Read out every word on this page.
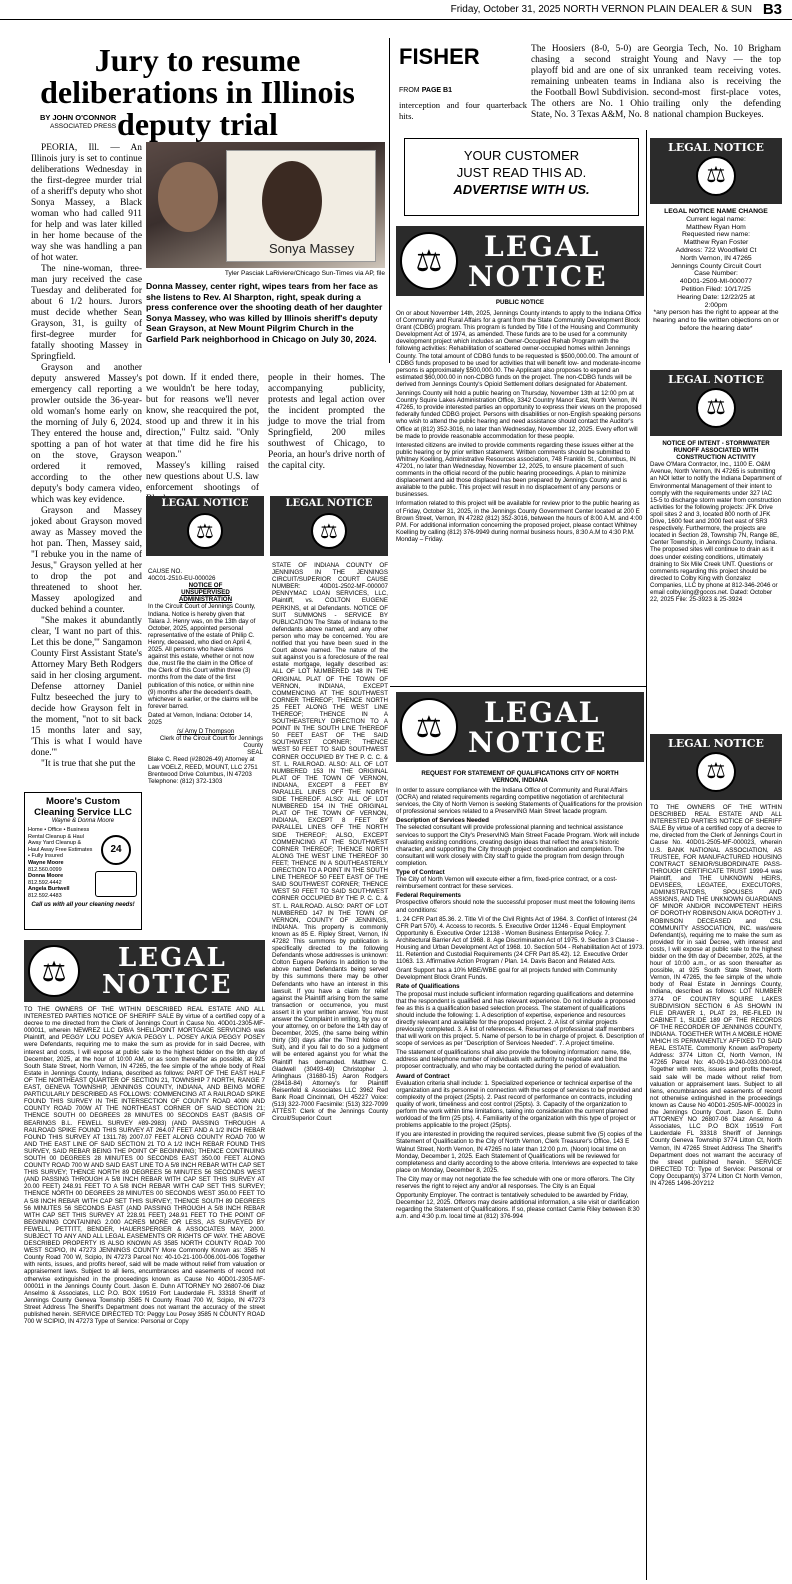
Friday, October 31, 2025 NORTH VERNON PLAIN DEALER & SUN B3
Jury to resume deliberations in Illinois deputy trial
BY JOHN O'CONNOR
ASSOCIATED PRESS

PEORIA, Ill. — An Illinois jury is set to continue deliberations Wednesday in the first-degree murder trial of a sheriff's deputy who shot Sonya Massey, a Black woman who had called 911 for help and was later killed in her home because of the way she was handling a pan of hot water.

The nine-woman, three-man jury received the case Tuesday and deliberated for about 6 1/2 hours. Jurors must decide whether Sean Grayson, 31, is guilty of first-degree murder for fatally shooting Massey in Springfield.

Grayson and another deputy answered Massey's emergency call reporting a prowler outside the 36-year-old woman's home early on the morning of July 6, 2024. They entered the house and, spotting a pan of hot water on the stove, Grayson ordered it removed, according to the other deputy's body camera video, which was key evidence.

Grayson and Massey joked about Grayson moved away as Massey moved the hot pan. Then, Massey said, "I rebuke you in the name of Jesus," Grayson yelled at her to drop the pot and threatened to shoot her. Massey apologized and ducked behind a counter.

"She makes it abundantly clear, 'I want no part of this. Let this be done,'" Sangamon County First Assistant State's Attorney Mary Beth Rodgers said in her closing argument. Defense attorney Daniel Fultz beseeched the jury to decide how Grayson felt in the moment, "not to sit back 15 months later and say, 'This is what I would have done.'"

"It is true that she put the

Sonya Massey
Tyler Pasciak LaRiviere/Chicago Sun-Times via AP, file
Donna Massey, center right, wipes tears from her face as she listens to Rev. Al Sharpton, right, speak during a press conference over the shooting death of her daughter Sonya Massey, who was killed by Illinois sheriff's deputy Sean Grayson, at New Mount Pilgrim Church in the Garfield Park neighborhood in Chicago on July 30, 2024.

pot down. If it ended there, we wouldn't be here today, but for reasons we'll never know, she reacquired the pot, stood up and threw it in his direction," Fultz said. "Only at that time did he fire his weapon."

Massey's killing raised new questions about U.S. law enforcement shootings of

people in their homes. The accompanying publicity, protests and legal action over the incident prompted the judge to move the trial from Springfield, 200 miles southwest of Chicago, to Peoria, an hour's drive north of the capital city.

FISHER
FROM PAGE B1
interception and four quarterback hits.
The Hoosiers (8-0, 5-0) are chasing a second straight playoff bid and are one of six remaining unbeaten teams in the Football Bowl Subdivision. The others are No. 1 Ohio State, No. 3 Texas A&M, No. 8
Georgia Tech, No. 10 Brigham Young and Navy — the top unranked team receiving votes. Indiana also is receiving the second-most first-place votes, trailing only the defending national champion Buckeyes.
YOUR CUSTOMER
JUST READ THIS AD.
ADVERTISE WITH US.
⚖	LEGAL
NOTICE
PUBLIC NOTICE

On or about November 14th, 2025, Jennings County intends to apply to the Indiana Office of Community and Rural Affairs for a grant from the State Community Development Block Grant (CDBG) program. This program is funded by Title I of the Housing and Community Development Act of 1974, as amended. These funds are to be used for a community development project which includes an Owner-Occupied Rehab Program with the following activities: Rehabilitation of scattered owner-occupied homes within Jennings County. The total amount of CDBG funds to be requested is $500,000.00. The amount of CDBG funds proposed to be used for activities that will benefit low- and moderate-income persons is approximately $500,000.00. The Applicant also proposes to expend an estimated $60,000.00 in non-CDBG funds on the project. The non-CDBG funds will be derived from Jennings County's Opioid Settlement dollars designated for Abatement.

Jennings County will hold a public hearing on Thursday, November 13th at 12:00 pm at Country Squire Lakes Administration Office, 3342 Country Manor East, North Vernon, IN 47265, to provide interested parties an opportunity to express their views on the proposed federally funded CDBG project. Persons with disabilities or non-English speaking persons who wish to attend the public hearing and need assistance should contact the Auditor's Office at (812) 352-3016, no later than Wednesday, November 12, 2025. Every effort will be made to provide reasonable accommodation for these people.

Interested citizens are invited to provide comments regarding these issues either at the public hearing or by prior written statement. Written comments should be submitted to Whitney Koelling, Administrative Resources association, 748 Franklin St., Columbus, IN 47201, no later than Wednesday, November 12, 2025, to ensure placement of such comments in the official record of the public hearing proceedings. A plan to minimize displacement and aid those displaced has been prepared by Jennings County and is available to the public. This project will result in no displacement of any persons or businesses.

Information related to this project will be available for review prior to the public hearing as of Friday, October 31, 2025, in the Jennings County Government Center located at 200 E Brown Street, Vernon, IN 47282 (812) 352-3016, between the hours of 8:00 A.M. and 4:00 P.M. For additional information concerning the proposed project, please contact Whitney Koelling by calling (812) 376-9949 during normal business hours, 8:30 A.M to 4:30 P.M. Monday – Friday.

LEGAL NOTICE
⚖
LEGAL NOTICE NAME CHANGE
Current legal name:
Matthew Ryan Hom
Requested new name:
Matthew Ryan Foster
Address: 722 Woodfield Ct
North Vernon, IN 47265
Jennings County Circuit Court
Case Number:
40D01-2509-MI-000077
Petition Filed: 10/17/25
Hearing Date: 12/22/25 at
2:00pm
*any person has the right to appear at the hearing and to file written objections on or before the hearing date*
LEGAL NOTICE
⚖
NOTICE OF INTENT - STORMWATER RUNOFF ASSOCIATED WITH CONSTRUCTION ACTIVITY
Dave O'Mara Contractor, Inc., 1100 E. O&M Avenue, North Vernon, IN 47265 is submitting an NOI letter to notify the Indiana Department of Environmental Management of their intent to comply with the requirements under 327 IAC 15-5 to discharge storm water from construction activities for the following projects: JFK Drive spoil sites 2 and 3, located 800 north of JFK Drive, 1600 feet and 2000 feet east of SR3 respectively. Furthermore, the projects are located in Section 28, Township 7N, Range 8E, Center Township, in Jennings County, Indiana. The proposed sites will continue to drain as it does under existing conditions, ultimately draining to Six Mile Creek UNT. Questions or comments regarding this project should be directed to Colby King with Gonzalez Companies, LLC by phone at 812-346-2046 or email colby.king@gocos.net. Dated: October 22, 2025 File: 25-3923 & 25-3924
LEGAL NOTICE
⚖
CAUSE NO.
40C01-2510-EU-000026
NOTICE OF
UNSUPERVISED
ADMINISTRATION

In the Circuit Court of Jennings County, Indiana. Notice is hereby given that Talara J. Henry was, on the 13th day of October, 2025, appointed personal representative of the estate of Philip C. Henry, deceased, who died on April 4, 2025. All persons who have claims against this estate, whether or not now due, must file the claim in the Office of the Clerk of this Court within three (3) months from the date of the first publication of this notice, or within nine (9) months after the decedent's death, whichever is earlier, or the claims will be forever barred.

Dated at Vernon, Indiana: October 14, 2025

/s/ Amy D Thompson
Clerk of the Circuit Court for Jennings County
SEAL

Blake C. Reed (#28026-49) Attorney at Law VOELZ, REED, MOUNT, LLC 2751 Brentwood Drive Columbus, IN 47203 Telephone: (812) 372-1303

LEGAL NOTICE
⚖
STATE OF INDIANA COUNTY OF JENNINGS IN THE JENNINGS CIRCUIT/SUPERIOR COURT CAUSE NUMBER: 40D01-2502-MF-000007 PENNYMAC LOAN SERVICES, LLC, Plaintiff, vs. COLTON EUGENE PERKINS, et al Defendants. NOTICE OF SUIT SUMMONS - SERVICE BY PUBLICATION The State of Indiana to the defendants above named, and any other person who may be concerned. You are notified that you have been sued in the Court above named. The nature of the suit against you is a foreclosure of the real estate mortgage, legally described as: ALL OF LOT NUMBERED 148 IN THE ORIGINAL PLAT OF THE TOWN OF VERNON, INDIANA, EXCEPT COMMENCING AT THE SOUTHWEST CORNER THEREOF; THENCE NORTH 25 FEET ALONG THE WEST LINE THEREOF; THENCE IN A SOUTHEASTERLY DIRECTION TO A POINT IN THE SOUTH LINE THEREOF 50 FEET EAST OF THE SAID SOUTHWEST CORNER; THENCE WEST 50 FEET TO SAID SOUTHWEST CORNER OCCUPIED BY THE P. C. C. & ST. L. RAILROAD. ALSO: ALL OF LOT NUMBERED 153 IN THE ORIGINAL PLAT OF THE TOWN OF VERNON, INDIANA, EXCEPT 8 FEET BY PARALLEL LINES OFF THE NORTH SIDE THEREOF. ALSO: ALL OF LOT NUMBERED 154 IN THE ORIGINAL PLAT OF THE TOWN OF VERNON, INDIANA, EXCEPT 8 FEET BY PARALLEL LINES OFF THE NORTH SIDE THEREOF; ALSO, EXCEPT COMMENCING AT THE SOUTHWEST CORNER THEREOF; THENCE NORTH ALONG THE WEST LINE THEREOF 30 FEET; THENCE IN A SOUTHEASTERLY DIRECTION TO A POINT IN THE SOUTH LINE THEREOF 50 FEET EAST OF THE SAID SOUTHWEST CORNER; THENCE WEST 50 FEET TO SAID SOUTHWEST CORNER OCCUPIED BY THE P. C. C. & ST. L. RAILROAD. ALSO: PART OF LOT NUMBERED 147 IN THE TOWN OF VERNON, COUNTY OF JENNINGS, INDIANA. This property is commonly known as 85 E. Ripley Street, Vernon, IN 47282 This summons by publication is specifically directed to the following Defendants whose addresses is unknown: Colton Eugene Perkins In addition to the above named Defendants being served by this summons there may be other Defendants who have an interest in this lawsuit. If you have a claim for relief against the Plaintiff arising from the same transaction or occurrence, you must assert it in your written answer. You must answer the Complaint in writing, by you or your attorney, on or before the 14th day of December, 2025, (the same being within thirty (30) days after the Third Notice of Suit), and if you fail to do so a judgment will be entered against you for what the Plaintiff has demanded. Matthew C. Gladwell (30493-49) Christopher J. Arlinghaus (31680-15) Aaron Rodgers (28418-84) Attorney's for Plaintiff Reisenfeld & Associates LLC 3962 Red Bank Road Cincinnati, OH 45227 Voice: (513) 322-7000 Facsimile: (513) 322-7099 ATTEST: Clerk of the Jennings County Circuit/Superior Court
Moore's Custom Cleaning Service LLC
Wayne & Donna Moore
Home • Office • Business Rental Cleanup & Haul Away Yard Cleanup & Haul Away Free Estimates • Fully Insured
Wayne Moore
812.560.0099
Donna Moore
812.592.4442
Angela Burtwell
812.592.4483
24
Call us with all your cleaning needs!
⚖	LEGAL
NOTICE
TO THE OWNERS OF THE WITHIN DESCRIBED REAL ESTATE AND ALL INTERESTED PARTIES NOTICE OF SHERIFF SALE By virtue of a certified copy of a decree to me directed from the Clerk of Jennings Court in Cause No. 40D01-2305-MF-000011, wherein NEWREZ LLC D/B/A SHELLPOINT MORTGAGE SERVICING was Plaintiff, and PEGGY LOU POSEY A/K/A PEGGY L. POSEY A/K/A PEGGY POSEY were Defendants, requiring me to make the sum as provide for in said Decree, with interest and costs, I will expose at public sale to the highest bidder on the 9th day of December, 2025, at the hour of 10:00 AM, or as soon thereafter as possible, at 925 South State Street, North Vernon, IN 47265, the fee simple of the whole body of Real Estate in Jennings County, Indiana, described as follows: PART OF THE EAST HALF OF THE NORTHEAST QUARTER OF SECTION 21, TOWNSHIP 7 NORTH, RANGE 7 EAST, GENEVA TOWNSHIP, JENNINGS COUNTY, INDIANA, AND BEING MORE PARTICULARLY DESCRIBED AS FOLLOWS: COMMENCING AT A RAILROAD SPIKE FOUND THIS SURVEY IN THE INTERSECTION OF COUNTY ROAD 400N AND COUNTY ROAD 700W AT THE NORTHEAST CORNER OF SAID SECTION 21; THENCE SOUTH 00 DEGREES 28 MINUTES 00 SECONDS EAST (BASIS OF BEARINGS B.L. FEWELL SURVEY #89-2983) (AND PASSING THROUGH A RAILROAD SPIKE FOUND THIS SURVEY AT 264.07 FEET AND A 1/2 INCH REBAR FOUND THIS SURVEY AT 1311.78) 2007.07 FEET ALONG COUNTY ROAD 700 W AND THE EAST LINE OF SAID SECTION 21 TO A 1/2 INCH REBAR FOUND THIS SURVEY, SAID REBAR BEING THE POINT OF BEGINNING; THENCE CONTINUING SOUTH 00 DEGREES 28 MINUTES 00 SECONDS EAST 350.00 FEET ALONG COUNTY ROAD 700 W AND SAID EAST LINE TO A 5/8 INCH REBAR WITH CAP SET THIS SURVEY; THENCE NORTH 89 DEGREES 56 MINUTES 56 SECONDS WEST (AND PASSING THROUGH A 5/8 INCH REBAR WITH CAP SET THIS SURVEY AT 20.00 FEET) 248.91 FEET TO A 5/8 INCH REBAR WITH CAP SET THIS SURVEY; THENCE NORTH 00 DEGREES 28 MINUTES 00 SECONDS WEST 350.00 FEET TO A 5/8 INCH REBAR WITH CAP SET THIS SURVEY; THENCE SOUTH 89 DEGREES 56 MINUTES 56 SECONDS EAST (AND PASSING THROUGH A 5/8 INCH REBAR WITH CAP SET THIS SURVEY AT 228.91 FEET) 248.91 FEET TO THE POINT OF BEGINNING CONTAINING 2.000 ACRES MORE OR LESS, AS SURVEYED BY FEWELL, PETTITT, BENDER, HAUERSPERGER & ASSOCIATES MAY, 2000. SUBJECT TO ANY AND ALL LEGAL EASEMENTS OR RIGHTS OF WAY. THE ABOVE DESCRIBED PROPERTY IS ALSO KNOWN AS 3585 NORTH COUNTY ROAD 700 WEST SCIPIO, IN 47273 JENNINGS COUNTY More Commonly Known as: 3585 N County Road 700 W, Scipio, IN 47273 Parcel No: 40-10-21-100-006.001-006 Together with rents, issues, and profits hereof, said will be made without relief from valuation or appraisement laws. Subject to all liens, encumbrances and easements of record not otherwise extinguished in the proceedings known as Cause No 40D01-2305-MF-000011 in the Jennings County Court. Jason E. Duhn ATTORNEY NO 26807-06 Diaz Anselmo & Associates, LLC P.O. BOX 19519 Fort Lauderdale FL 33318 Sheriff of Jennings County Geneva Township 3585 N County Road 700 W, Scipio, IN 47273 Street Address The Sheriff's Department does not warrant the accuracy of the street published herein. SERVICE DIRECTED TO: Peggy Lou Posey 3585 N COUNTY ROAD 700 W SCIPIO, IN 47273 Type of Service: Personal or Copy
⚖	LEGAL
NOTICE
REQUEST FOR STATEMENT OF QUALIFICATIONS CITY OF NORTH VERNON, INDIANA

In order to assure compliance with the Indiana Office of Community and Rural Affairs (OCRA) and related requirements regarding competitive negotiation of architectural services, the City of North Vernon is seeking Statements of Qualifications for the provision of professional services related to a PreservING Main Street facade program.

Description of Services Needed

The selected consultant will provide professional planning and technical assistance services to support the City's PreservING Main Street Facade Program. Work will include evaluating existing conditions, creating design ideas that reflect the area's historic character, and supporting the City through project coordination and completion. The consultant will work closely with City staff to guide the program from design through completion.

Type of Contract

The City of North Vernon will execute either a firm, fixed-price contract, or a cost-reimbursement contract for these services.

Federal Requirements

Prospective offerors should note the successful proposer must meet the following items and conditions:

1. 24 CFR Part 85.36. 2. Title VI of the Civil Rights Act of 1964. 3. Conflict of Interest (24 CFR Part 570). 4. Access to records. 5. Executive Order 11246 - Equal Employment Opportunity 6. Executive Order 12138 - Women Business Enterprise Policy. 7. Architectural Barrier Act of 1968. 8. Age Discrimination Act of 1975. 9. Section 3 Clause - Housing and Urban Development Act of 1968. 10. Section 504 - Rehabilitation Act of 1973. 11. Retention and Custodial Requirements (24 CFR Part 85.42). 12. Executive Order 11063. 13. Affirmative Action Program / Plan. 14. Davis Bacon and Related Acts.

Grant Support has a 10% MBE/WBE goal for all projects funded with Community Development Block Grant Funds.

Rate of Qualifications

The proposal must include sufficient information regarding qualifications and determine that the respondent is qualified and has relevant experience. Do not include a proposed fee as this is a qualification based selection process. The statement of qualifications should include the following: 1. A description of expertise, experience and resources directly relevant and available for the proposed project. 2. A list of similar projects previously completed. 3. A list of references. 4. Resumes of professional staff members that will work on this project. 5. Name of person to be in charge of project. 6. Description of scope of services as per "Description of Services Needed". 7. A project timeline.

The statement of qualifications shall also provide the following information: name, title, address and telephone number of individuals with authority to negotiate and bind the proposer contractually, and who may be contacted during the period of evaluation.

Award of Contract

Evaluation criteria shall include: 1. Specialized experience or technical expertise of the organization and its personnel in connection with the scope of services to be provided and complexity of the project (25pts). 2. Past record of performance on contracts, including quality of work, timeliness and cost control (25pts). 3. Capacity of the organization to perform the work within time limitations, taking into consideration the current planned workload of the firm (25 pts). 4. Familiarity of the organization with this type of project or problems applicable to the project (25pts).

If you are interested in providing the required services, please submit five (5) copies of the Statement of Qualification to the City of North Vernon, Clerk Treasurer's Office, 143 E Walnut Street, North Vernon, IN 47265 no later than 12:00 p.m. (Noon) local time on Monday, December 1, 2025. Each Statement of Qualifications will be reviewed for completeness and clarity according to the above criteria. Interviews are expected to take place on Monday, December 8, 2025.

The City may or may not negotiate the fee schedule with one or more offerors. The City reserves the right to reject any and/or all responses. The City is an Equal

Opportunity Employer. The contract is tentatively scheduled to be awarded by Friday, December 12, 2025. Offerors may desire additional information, a site visit or clarification regarding the Statement of Qualifications. If so, please contact Carrie Riley between 8:30 a.m. and 4:30 p.m. local time at (812) 376-994

LEGAL NOTICE
⚖
TO THE OWNERS OF THE WITHIN DESCRIBED REAL ESTATE AND ALL INTERESTED PARTIES NOTICE OF SHERIFF SALE By virtue of a certified copy of a decree to me, directed from the Clerk of Jennings Court in Cause No. 40D01-2505-MF-000023, wherein U.S. BANK NATIONAL ASSOCIATION, AS TRUSTEE, FOR MANUFACTURED HOUSING CONTRACT SENIOR/SUBORDINATE PASS-THROUGH CERTIFICATE TRUST 1999-4 was Plaintiff, and THE UNKNOWN HEIRS, DEVISEES, LEGATEE, EXECUTORS, ADMINISTRATORS, SPOUSES AND ASSIGNS, AND THE UNKNOWN GUARDIANS OF MINOR AND/OR INCOMPETENT HEIRS OF DOROTHY ROBINSON A/K/A DOROTHY J. ROBINSON DECEASED and CSL COMMUNITY ASSOCIATION, INC. was/were Defendant(s), requiring me to make the sum as provided for in said Decree, with interest and costs, I will expose at public sale to the highest bidder on the 9th day of December, 2025, at the hour of 10:00 a.m., or as soon thereafter as possible, at 925 South State Street, North Vernon, IN 47265, the fee simple of the whole body of Real Estate in Jennings County, Indiana, described as follows: LOT NUMBER 3774 OF COUNTRY SQUIRE LAKES SUBDIVISION SECTION 6 AS SHOWN IN FILE DRAWER 1, PLAT 23, RE-FILED IN CABINET 1, SLIDE 189 OF THE RECORDS OF THE RECORDER OF JENNINGS COUNTY, INDIANA. TOGETHER WITH A MOBILE HOME WHICH IS PERMANENTLY AFFIXED TO SAID REAL ESTATE. Commonly Known as/Property Address: 3774 Litton Ct, North Vernon, IN 47265 Parcel No: 40-09-19-240-033.000-014 Together with rents, issues and profits thereof, said sale will be made without relief from valuation or appraisement laws. Subject to all liens, encumbrances and easements of record not otherwise extinguished in the proceedings known as Cause No 40D01-2505-MF-000023 in the Jennings County Court. Jason E. Duhn ATTORNEY NO 26807-06 Diaz Anselmo & Associates, LLC P.O BOX 19519 Fort Lauderdale FL 33318 Sheriff of Jennings County Geneva Township 3774 Litton Ct, North Vernon, IN 47265 Street Address The Sheriff's Department does not warrant the accuracy of the street published herein. SERVICE DIRECTED TO: Type of Service: Personal or Copy Occupant(s) 3774 Litton Ct North Vernon, IN 47265 1496-20Y212
